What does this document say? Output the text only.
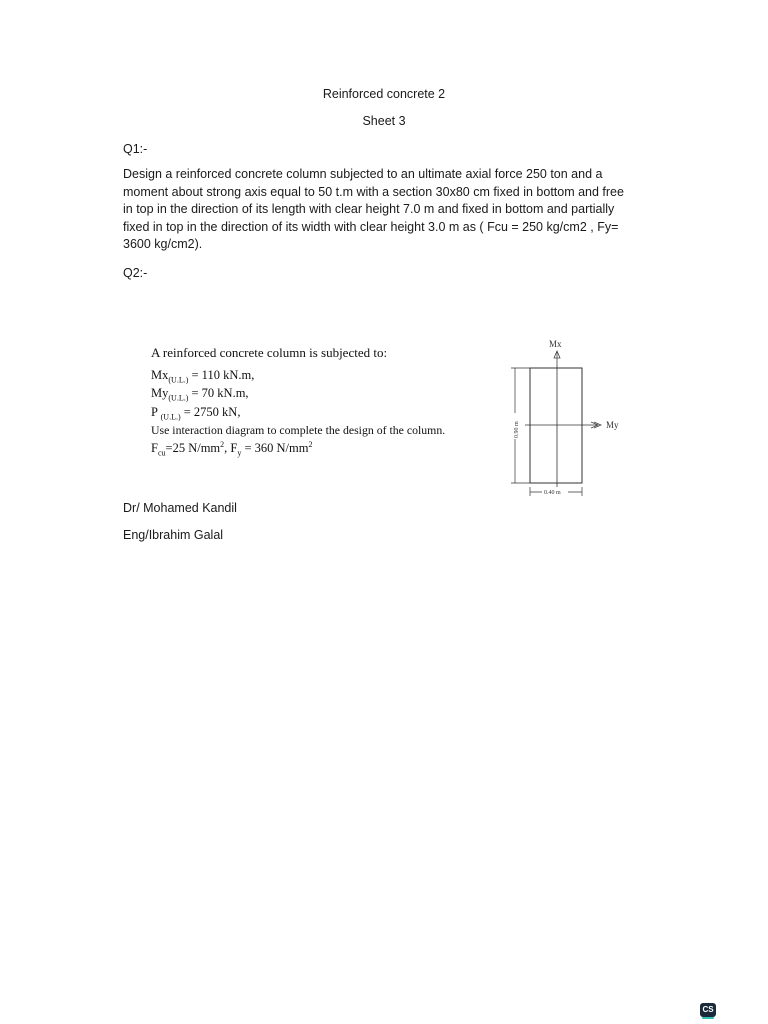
Reinforced concrete 2
Sheet 3
Q1:-
Design a reinforced concrete column subjected to an ultimate axial force 250 ton and a
moment about strong axis equal to 50 t.m with a section 30x80 cm fixed in bottom and free
in top in the direction of its length with clear height 7.0 m and fixed in bottom and partially
fixed in top in the direction of its width with clear height 3.0 m as ( Fcu = 250 kg/cm2 , Fy=
3600 kg/cm2).
Q2:-
A reinforced concrete column is subjected to:
$Mx_{(U.L.)} = 110$ kN.m,
$My_{(U.L.)} = 70$ kN.m,
P $_{(U.L.)}$ = 2750 kN,
Use interaction diagram to complete the design of the column.
$F_{cu}=25$ $N/mm^2$, $F_y = 360$ $N/mm^2$
Mx
My
0.90 m
0.40 m
Dr/ Mohamed Kandil
Eng/Ibrahim Galal
CS
